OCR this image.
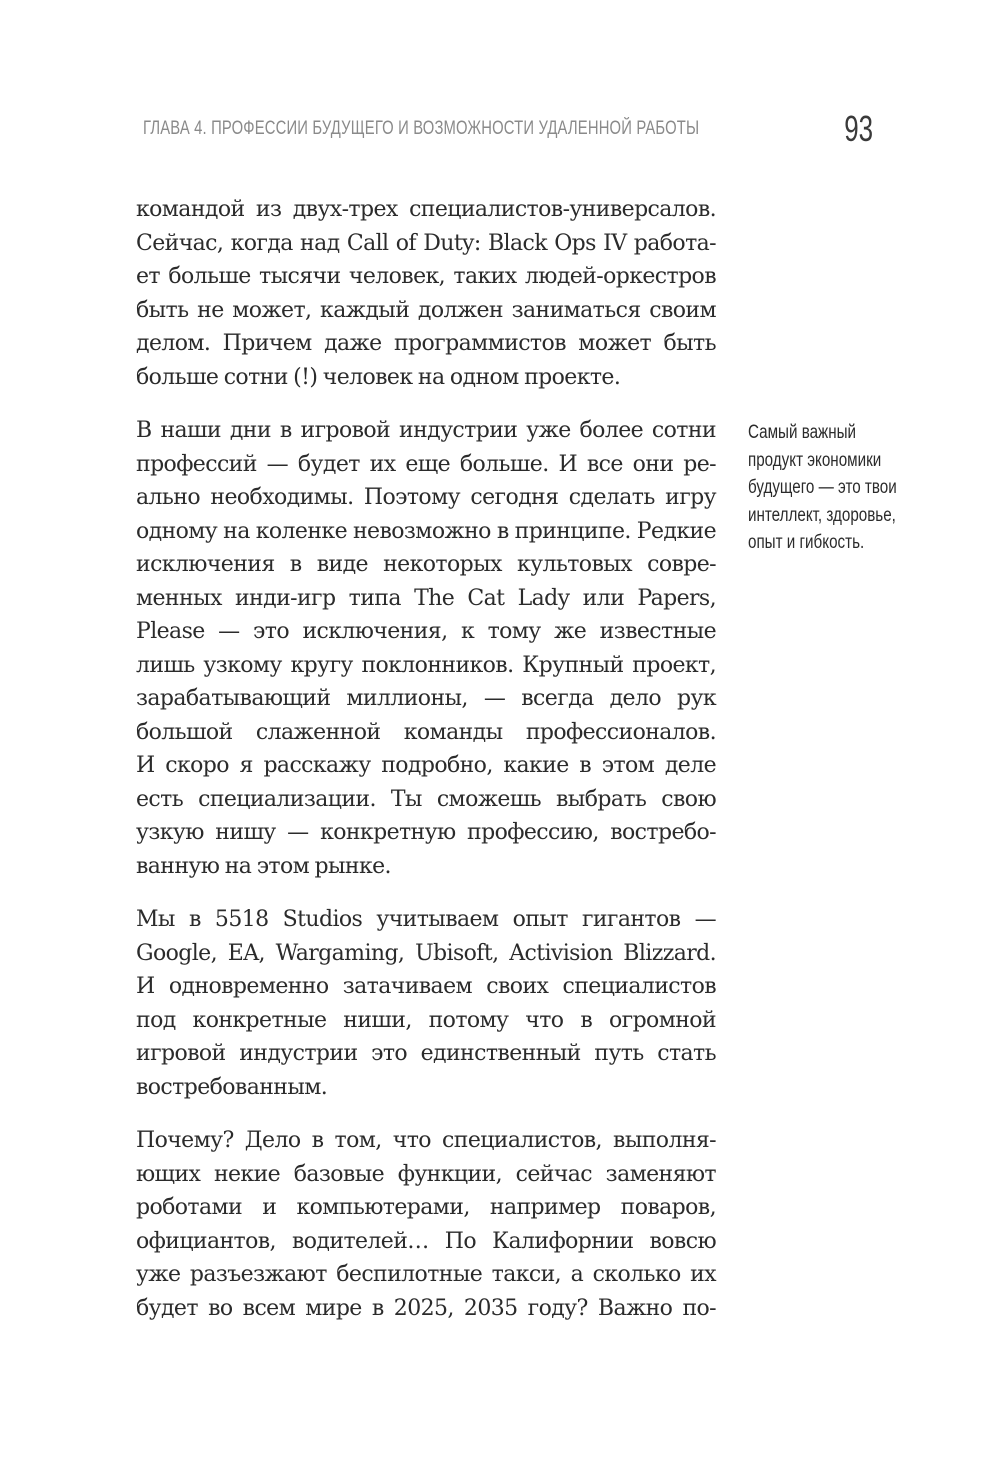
ГЛАВА 4. ПРОФЕССИИ БУДУЩЕГО И ВОЗМОЖНОСТИ УДАЛЕННОЙ РАБОТЫ	93
командой из двух-трех специалистов-универсалов.
Сейчас, когда над Call of Duty: Black Ops IV работа-
ет больше тысячи человек, таких людей-оркестров
быть не может, каждый должен заниматься своим
делом. Причем даже программистов может быть
больше сотни (!) человек на одном проекте.
В наши дни в игровой индустрии уже более сотни
профессий — будет их еще больше. И все они ре-
ально необходимы. Поэтому сегодня сделать игру
одному на коленке невозможно в принципе. Редкие
исключения в виде некоторых культовых совре-
менных инди-игр типа The Cat Lady или Papers,
Please — это исключения, к тому же известные
лишь узкому кругу поклонников. Крупный проект,
зарабатывающий миллионы, — всегда дело рук
большой слаженной команды профессионалов.
И скоро я расскажу подробно, какие в этом деле
есть специализации. Ты сможешь выбрать свою
узкую нишу — конкретную профессию, востребо-
ванную на этом рынке.
Мы в 5518 Studios учитываем опыт гигантов —
Google, EA, Wargaming, Ubisoft, Activision Blizzard.
И одновременно затачиваем своих специалистов
под конкретные ниши, потому что в огромной
игровой индустрии это единственный путь стать
востребованным.
Почему? Дело в том, что специалистов, выполня-
ющих некие базовые функции, сейчас заменяют
роботами и компьютерами, например поваров,
официантов, водителей… По Калифорнии вовсю
уже разъезжают беспилотные такси, а сколько их
будет во всем мире в 2025, 2035 году? Важно по-
Самый важный
продукт экономики
будущего — это твои
интеллект, здоровье,
опыт и гибкость.
